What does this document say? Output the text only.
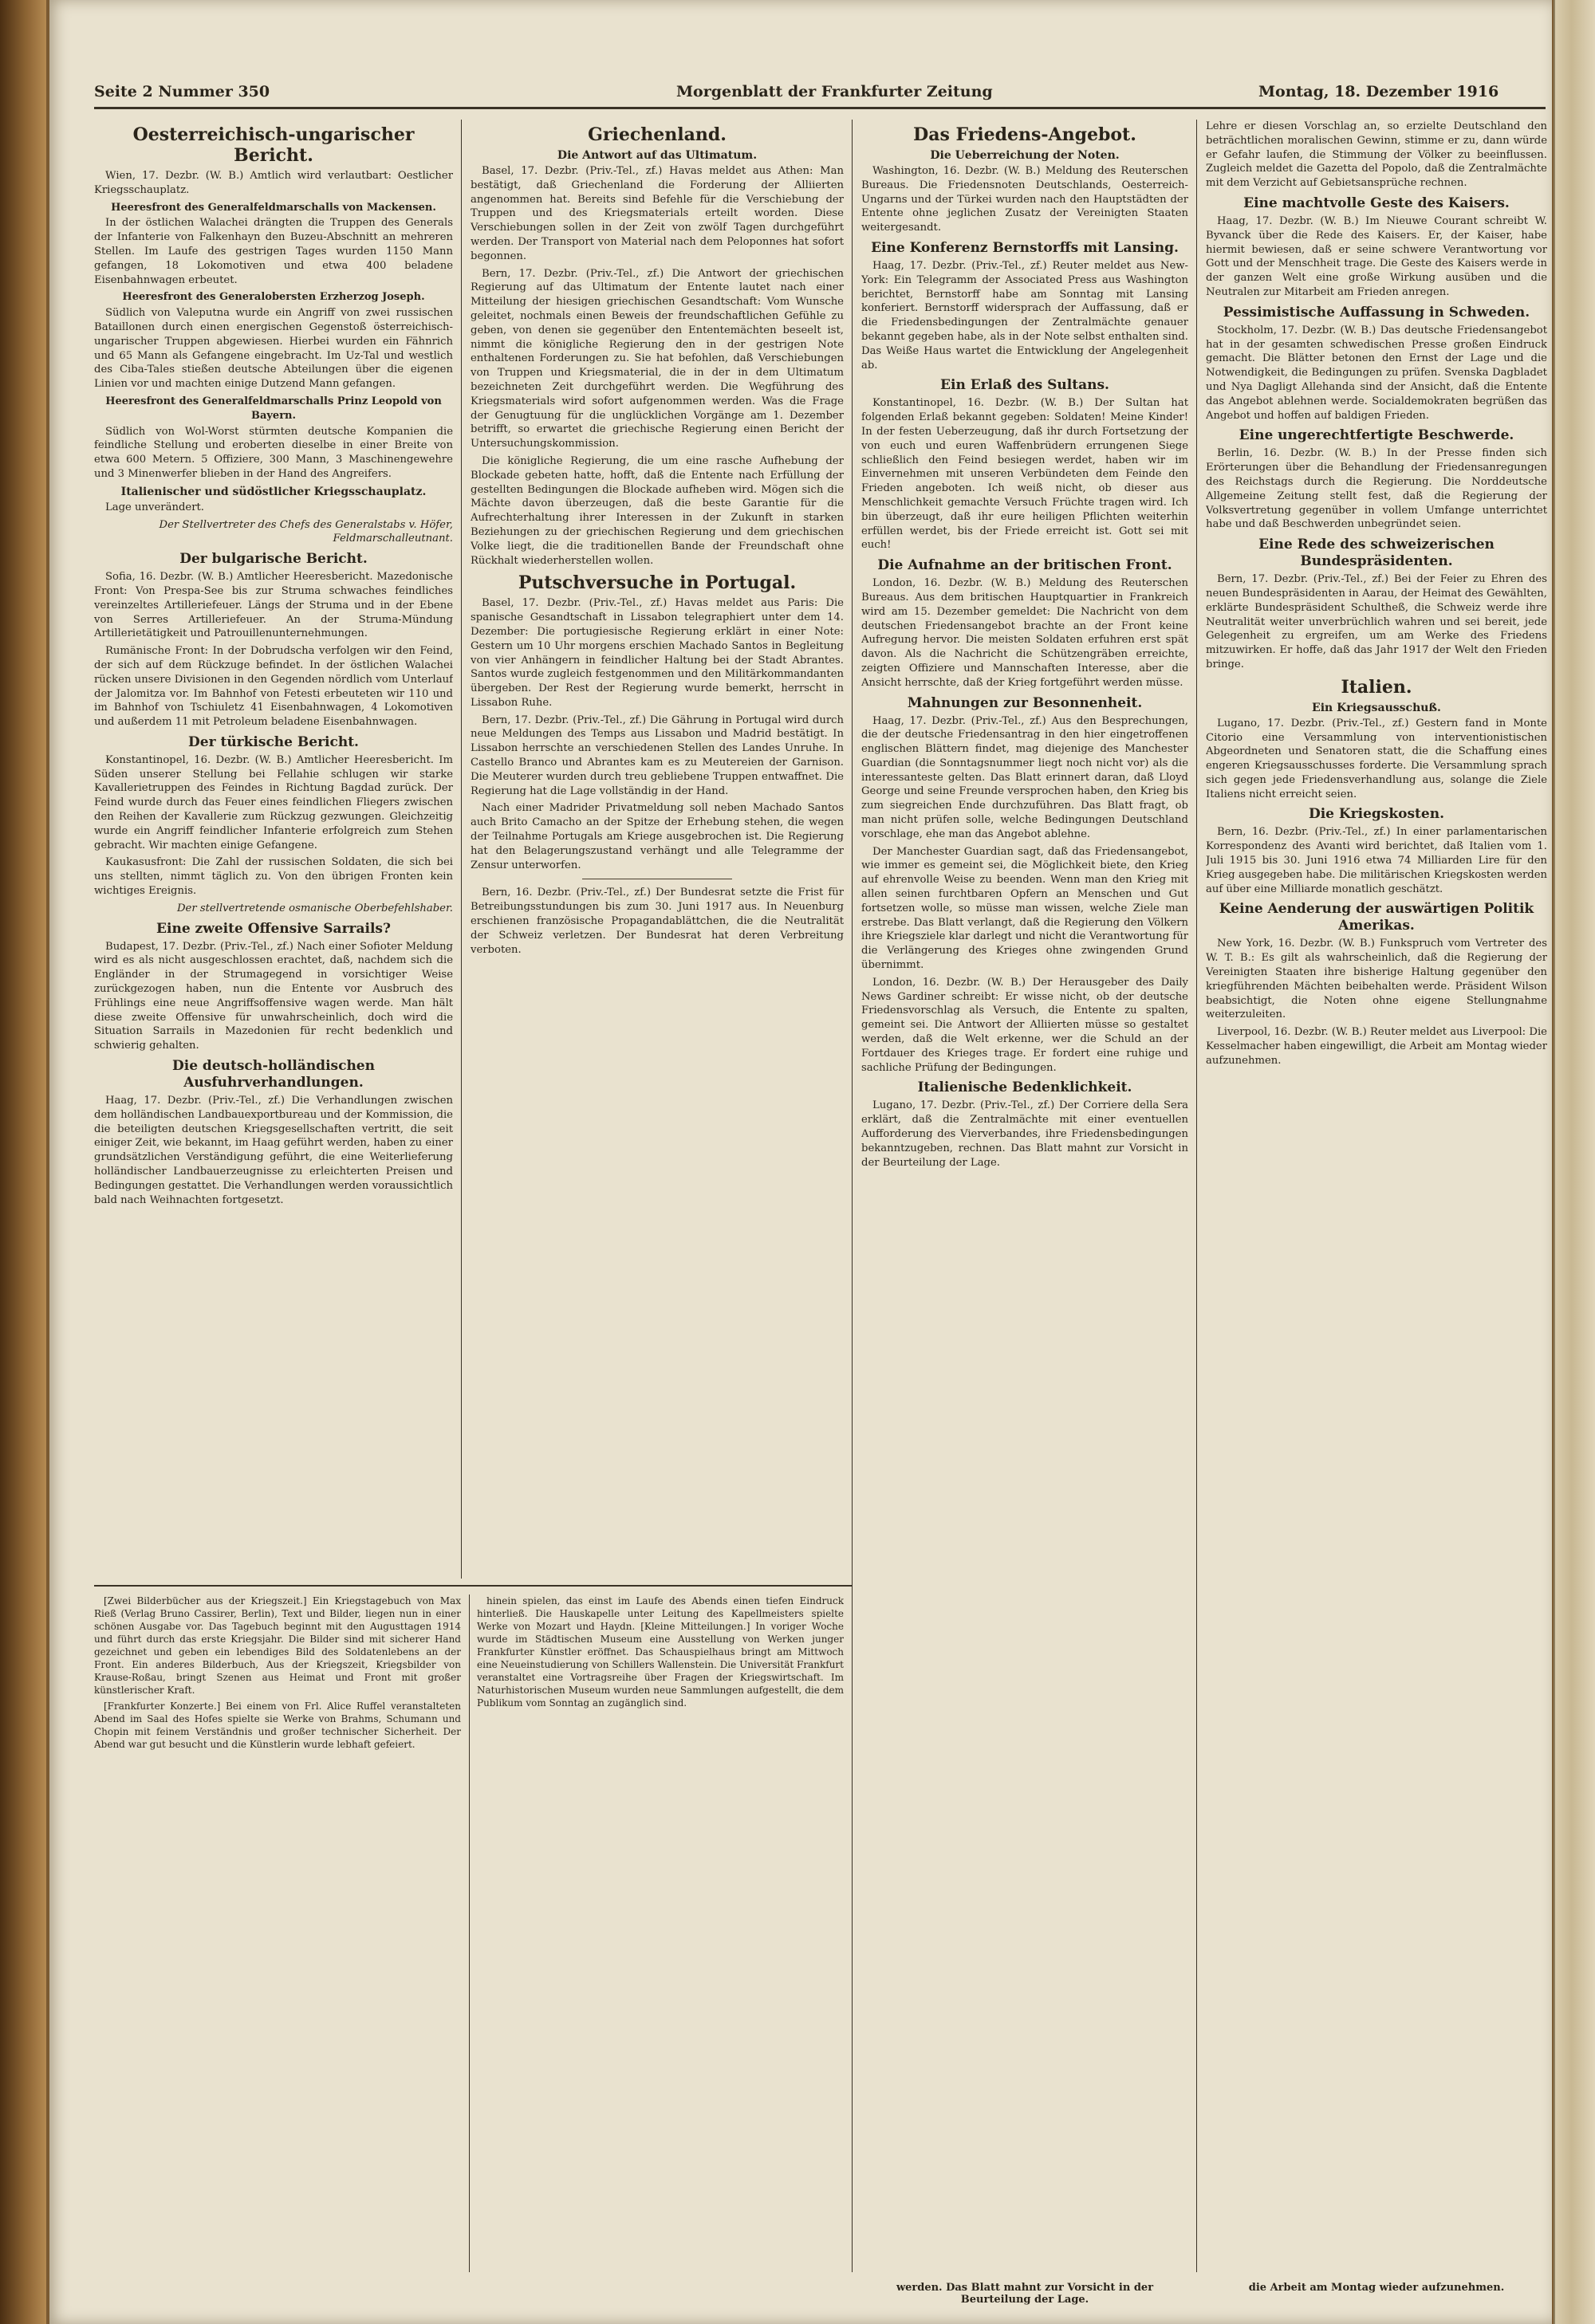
Seite 2 Nummer 350	Morgenblatt der Frankfurter Zeitung	Montag, 18. Dezember 1916
Oesterreichisch-ungarischer Bericht.

Wien, 17. Dezbr. (W. B.) Amtlich wird verlautbart: Oestlicher Kriegsschauplatz.

Heeresfront des Generalfeldmarschalls von Mackensen.

In der östlichen Walachei drängten die Truppen des Generals der Infanterie von Falkenhayn den Buzeu-Abschnitt an mehreren Stellen. Im Laufe des gestrigen Tages wurden 1150 Mann gefangen, 18 Lokomotiven und etwa 400 beladene Eisenbahnwagen erbeutet.

Heeresfront des Generalobersten Erzherzog Joseph.

Südlich von Valeputna wurde ein Angriff von zwei russischen Bataillonen durch einen energischen Gegenstoß österreichisch-ungarischer Truppen abgewiesen. Hierbei wurden ein Fähnrich und 65 Mann als Gefangene eingebracht. Im Uz-Tal und westlich des Ciba-Tales stießen deutsche Abteilungen über die eigenen Linien vor und machten einige Dutzend Mann gefangen.

Heeresfront des Generalfeldmarschalls Prinz Leopold von Bayern.

Südlich von Wol-Worst stürmten deutsche Kompanien die feindliche Stellung und eroberten dieselbe in einer Breite von etwa 600 Metern. 5 Offiziere, 300 Mann, 3 Maschinengewehre und 3 Minenwerfer blieben in der Hand des Angreifers.

Italienischer und südöstlicher Kriegsschauplatz.

Lage unverändert.

Der Stellvertreter des Chefs des Generalstabs v. Höfer, Feldmarschalleutnant.
Der bulgarische Bericht.

Sofia, 16. Dezbr. (W. B.) Amtlicher Heeresbericht. Mazedonische Front: Von Prespa-See bis zur Struma schwaches feindliches vereinzeltes Artilleriefeuer. Längs der Struma und in der Ebene von Serres Artilleriefeuer. An der Struma-Mündung Artillerietätigkeit und Patrouillenunternehmungen.

Rumänische Front: In der Dobrudscha verfolgen wir den Feind, der sich auf dem Rückzuge befindet. In der östlichen Walachei rücken unsere Divisionen in den Gegenden nördlich vom Unterlauf der Jalomitza vor. Im Bahnhof von Fetesti erbeuteten wir 110 und im Bahnhof von Tschiuletz 41 Eisenbahnwagen, 4 Lokomotiven und außerdem 11 mit Petroleum beladene Eisenbahnwagen.

Der türkische Bericht.

Konstantinopel, 16. Dezbr. (W. B.) Amtlicher Heeresbericht. Im Süden unserer Stellung bei Fellahie schlugen wir starke Kavallerietruppen des Feindes in Richtung Bagdad zurück. Der Feind wurde durch das Feuer eines feindlichen Fliegers zwischen den Reihen der Kavallerie zum Rückzug gezwungen. Gleichzeitig wurde ein Angriff feindlicher Infanterie erfolgreich zum Stehen gebracht. Wir machten einige Gefangene.

Kaukasusfront: Die Zahl der russischen Soldaten, die sich bei uns stellten, nimmt täglich zu. Von den übrigen Fronten kein wichtiges Ereignis.

Der stellvertretende osmanische Oberbefehlshaber.
Eine zweite Offensive Sarrails?

Budapest, 17. Dezbr. (Priv.-Tel., zf.) Nach einer Sofioter Meldung wird es als nicht ausgeschlossen erachtet, daß, nachdem sich die Engländer in der Strumagegend in vorsichtiger Weise zurückgezogen haben, nun die Entente vor Ausbruch des Frühlings eine neue Angriffsoffensive wagen werde. Man hält diese zweite Offensive für unwahrscheinlich, doch wird die Situation Sarrails in Mazedonien für recht bedenklich und schwierig gehalten.

Die deutsch-holländischen Ausfuhrverhandlungen.

Haag, 17. Dezbr. (Priv.-Tel., zf.) Die Verhandlungen zwischen dem holländischen Landbauexportbureau und der Kommission, die die beteiligten deutschen Kriegsgesellschaften vertritt, die seit einiger Zeit, wie bekannt, im Haag geführt werden, haben zu einer grundsätzlichen Verständigung geführt, die eine Weiterlieferung holländischer Landbauerzeugnisse zu erleichterten Preisen und Bedingungen gestattet. Die Verhandlungen werden voraussichtlich bald nach Weihnachten fortgesetzt.

Griechenland.
Die Antwort auf das Ultimatum.

Basel, 17. Dezbr. (Priv.-Tel., zf.) Havas meldet aus Athen: Man bestätigt, daß Griechenland die Forderung der Alliierten angenommen hat. Bereits sind Befehle für die Verschiebung der Truppen und des Kriegsmaterials erteilt worden. Diese Verschiebungen sollen in der Zeit von zwölf Tagen durchgeführt werden. Der Transport von Material nach dem Peloponnes hat sofort begonnen.

Bern, 17. Dezbr. (Priv.-Tel., zf.) Die Antwort der griechischen Regierung auf das Ultimatum der Entente lautet nach einer Mitteilung der hiesigen griechischen Gesandtschaft: Vom Wunsche geleitet, nochmals einen Beweis der freundschaftlichen Gefühle zu geben, von denen sie gegenüber den Ententemächten beseelt ist, nimmt die königliche Regierung den in der gestrigen Note enthaltenen Forderungen zu. Sie hat befohlen, daß Verschiebungen von Truppen und Kriegsmaterial, die in der in dem Ultimatum bezeichneten Zeit durchgeführt werden. Die Wegführung des Kriegsmaterials wird sofort aufgenommen werden. Was die Frage der Genugtuung für die unglücklichen Vorgänge am 1. Dezember betrifft, so erwartet die griechische Regierung einen Bericht der Untersuchungskommission.

Die königliche Regierung, die um eine rasche Aufhebung der Blockade gebeten hatte, hofft, daß die Entente nach Erfüllung der gestellten Bedingungen die Blockade aufheben wird. Mögen sich die Mächte davon überzeugen, daß die beste Garantie für die Aufrechterhaltung ihrer Interessen in der Zukunft in starken Beziehungen zu der griechischen Regierung und dem griechischen Volke liegt, die die traditionellen Bande der Freundschaft ohne Rückhalt wiederherstellen wollen.

Putschversuche in Portugal.

Basel, 17. Dezbr. (Priv.-Tel., zf.) Havas meldet aus Paris: Die spanische Gesandtschaft in Lissabon telegraphiert unter dem 14. Dezember: Die portugiesische Regierung erklärt in einer Note: Gestern um 10 Uhr morgens erschien Machado Santos in Begleitung von vier Anhängern in feindlicher Haltung bei der Stadt Abrantes. Santos wurde zugleich festgenommen und den Militärkommandanten übergeben. Der Rest der Regierung wurde bemerkt, herrscht in Lissabon Ruhe.

Bern, 17. Dezbr. (Priv.-Tel., zf.) Die Gährung in Portugal wird durch neue Meldungen des Temps aus Lissabon und Madrid bestätigt. In Lissabon herrschte an verschiedenen Stellen des Landes Unruhe. In Castello Branco und Abrantes kam es zu Meutereien der Garnison. Die Meuterer wurden durch treu gebliebene Truppen entwaffnet. Die Regierung hat die Lage vollständig in der Hand.

Nach einer Madrider Privatmeldung soll neben Machado Santos auch Brito Camacho an der Spitze der Erhebung stehen, die wegen der Teilnahme Portugals am Kriege ausgebrochen ist. Die Regierung hat den Belagerungszustand verhängt und alle Telegramme der Zensur unterworfen.

Bern, 16. Dezbr. (Priv.-Tel., zf.) Der Bundesrat setzte die Frist für Betreibungsstundungen bis zum 30. Juni 1917 aus. In Neuenburg erschienen französische Propagandablättchen, die die Neutralität der Schweiz verletzen. Der Bundesrat hat deren Verbreitung verboten.

Das Friedens-Angebot.
Die Ueberreichung der Noten.

Washington, 16. Dezbr. (W. B.) Meldung des Reuterschen Bureaus. Die Friedensnoten Deutschlands, Oesterreich-Ungarns und der Türkei wurden nach den Hauptstädten der Entente ohne jeglichen Zusatz der Vereinigten Staaten weitergesandt.

Eine Konferenz Bernstorffs mit Lansing.

Haag, 17. Dezbr. (Priv.-Tel., zf.) Reuter meldet aus New-York: Ein Telegramm der Associated Press aus Washington berichtet, Bernstorff habe am Sonntag mit Lansing konferiert. Bernstorff widersprach der Auffassung, daß er die Friedensbedingungen der Zentralmächte genauer bekannt gegeben habe, als in der Note selbst enthalten sind. Das Weiße Haus wartet die Entwicklung der Angelegenheit ab.

Ein Erlaß des Sultans.

Konstantinopel, 16. Dezbr. (W. B.) Der Sultan hat folgenden Erlaß bekannt gegeben: Soldaten! Meine Kinder! In der festen Ueberzeugung, daß ihr durch Fortsetzung der von euch und euren Waffenbrüdern errungenen Siege schließlich den Feind besiegen werdet, haben wir im Einvernehmen mit unseren Verbündeten dem Feinde den Frieden angeboten. Ich weiß nicht, ob dieser aus Menschlichkeit gemachte Versuch Früchte tragen wird. Ich bin überzeugt, daß ihr eure heiligen Pflichten weiterhin erfüllen werdet, bis der Friede erreicht ist. Gott sei mit euch!

Die Aufnahme an der britischen Front.

London, 16. Dezbr. (W. B.) Meldung des Reuterschen Bureaus. Aus dem britischen Hauptquartier in Frankreich wird am 15. Dezember gemeldet: Die Nachricht von dem deutschen Friedensangebot brachte an der Front keine Aufregung hervor. Die meisten Soldaten erfuhren erst spät davon. Als die Nachricht die Schützengräben erreichte, zeigten Offiziere und Mannschaften Interesse, aber die Ansicht herrschte, daß der Krieg fortgeführt werden müsse.

Mahnungen zur Besonnenheit.

Haag, 17. Dezbr. (Priv.-Tel., zf.) Aus den Besprechungen, die der deutsche Friedensantrag in den hier eingetroffenen englischen Blättern findet, mag diejenige des Manchester Guardian (die Sonntagsnummer liegt noch nicht vor) als die interessanteste gelten. Das Blatt erinnert daran, daß Lloyd George und seine Freunde versprochen haben, den Krieg bis zum siegreichen Ende durchzuführen. Das Blatt fragt, ob man nicht prüfen solle, welche Bedingungen Deutschland vorschlage, ehe man das Angebot ablehne.

Der Manchester Guardian sagt, daß das Friedensangebot, wie immer es gemeint sei, die Möglichkeit biete, den Krieg auf ehrenvolle Weise zu beenden. Wenn man den Krieg mit allen seinen furchtbaren Opfern an Menschen und Gut fortsetzen wolle, so müsse man wissen, welche Ziele man erstrebe. Das Blatt verlangt, daß die Regierung den Völkern ihre Kriegsziele klar darlegt und nicht die Verantwortung für die Verlängerung des Krieges ohne zwingenden Grund übernimmt.

London, 16. Dezbr. (W. B.) Der Herausgeber des Daily News Gardiner schreibt: Er wisse nicht, ob der deutsche Friedensvorschlag als Versuch, die Entente zu spalten, gemeint sei. Die Antwort der Alliierten müsse so gestaltet werden, daß die Welt erkenne, wer die Schuld an der Fortdauer des Krieges trage. Er fordert eine ruhige und sachliche Prüfung der Bedingungen.

Italienische Bedenklichkeit.

Lugano, 17. Dezbr. (Priv.-Tel., zf.) Der Corriere della Sera erklärt, daß die Zentralmächte mit einer eventuellen Aufforderung des Vierverbandes, ihre Friedensbedingungen bekanntzugeben, rechnen. Das Blatt mahnt zur Vorsicht in der Beurteilung der Lage.

Lehre er diesen Vorschlag an, so erzielte Deutschland den beträchtlichen moralischen Gewinn, stimme er zu, dann würde er Gefahr laufen, die Stimmung der Völker zu beeinflussen. Zugleich meldet die Gazetta del Popolo, daß die Zentralmächte mit dem Verzicht auf Gebietsansprüche rechnen.

Eine machtvolle Geste des Kaisers.

Haag, 17. Dezbr. (W. B.) Im Nieuwe Courant schreibt W. Byvanck über die Rede des Kaisers. Er, der Kaiser, habe hiermit bewiesen, daß er seine schwere Verantwortung vor Gott und der Menschheit trage. Die Geste des Kaisers werde in der ganzen Welt eine große Wirkung ausüben und die Neutralen zur Mitarbeit am Frieden anregen.

Pessimistische Auffassung in Schweden.

Stockholm, 17. Dezbr. (W. B.) Das deutsche Friedensangebot hat in der gesamten schwedischen Presse großen Eindruck gemacht. Die Blätter betonen den Ernst der Lage und die Notwendigkeit, die Bedingungen zu prüfen. Svenska Dagbladet und Nya Dagligt Allehanda sind der Ansicht, daß die Entente das Angebot ablehnen werde. Socialdemokraten begrüßen das Angebot und hoffen auf baldigen Frieden.

Eine ungerechtfertigte Beschwerde.

Berlin, 16. Dezbr. (W. B.) In der Presse finden sich Erörterungen über die Behandlung der Friedensanregungen des Reichstags durch die Regierung. Die Norddeutsche Allgemeine Zeitung stellt fest, daß die Regierung der Volksvertretung gegenüber in vollem Umfange unterrichtet habe und daß Beschwerden unbegründet seien.

Eine Rede des schweizerischen Bundespräsidenten.

Bern, 17. Dezbr. (Priv.-Tel., zf.) Bei der Feier zu Ehren des neuen Bundespräsidenten in Aarau, der Heimat des Gewählten, erklärte Bundespräsident Schultheß, die Schweiz werde ihre Neutralität weiter unverbrüchlich wahren und sei bereit, jede Gelegenheit zu ergreifen, um am Werke des Friedens mitzuwirken. Er hoffe, daß das Jahr 1917 der Welt den Frieden bringe.

Italien.
Ein Kriegsausschuß.

Lugano, 17. Dezbr. (Priv.-Tel., zf.) Gestern fand in Monte Citorio eine Versammlung von interventionistischen Abgeordneten und Senatoren statt, die die Schaffung eines engeren Kriegsausschusses forderte. Die Versammlung sprach sich gegen jede Friedensverhandlung aus, solange die Ziele Italiens nicht erreicht seien.

Die Kriegskosten.

Bern, 16. Dezbr. (Priv.-Tel., zf.) In einer parlamentarischen Korrespondenz des Avanti wird berichtet, daß Italien vom 1. Juli 1915 bis 30. Juni 1916 etwa 74 Milliarden Lire für den Krieg ausgegeben habe. Die militärischen Kriegskosten werden auf über eine Milliarde monatlich geschätzt.

Keine Aenderung der auswärtigen Politik Amerikas.

New York, 16. Dezbr. (W. B.) Funkspruch vom Vertreter des W. T. B.: Es gilt als wahrscheinlich, daß die Regierung der Vereinigten Staaten ihre bisherige Haltung gegenüber den kriegführenden Mächten beibehalten werde. Präsident Wilson beabsichtigt, die Noten ohne eigene Stellungnahme weiterzuleiten.

Liverpool, 16. Dezbr. (W. B.) Reuter meldet aus Liverpool: Die Kesselmacher haben eingewilligt, die Arbeit am Montag wieder aufzunehmen.

[Zwei Bilderbücher aus der Kriegszeit.] Ein Kriegstagebuch von Max Rieß (Verlag Bruno Cassirer, Berlin), Text und Bilder, liegen nun in einer schönen Ausgabe vor. Das Tagebuch beginnt mit den Augusttagen 1914 und führt durch das erste Kriegsjahr. Die Bilder sind mit sicherer Hand gezeichnet und geben ein lebendiges Bild des Soldatenlebens an der Front. Ein anderes Bilderbuch, Aus der Kriegszeit, Kriegsbilder von Krause-Roßau, bringt Szenen aus Heimat und Front mit großer künstlerischer Kraft.

[Frankfurter Konzerte.] Bei einem von Frl. Alice Ruffel veranstalteten Abend im Saal des Hofes spielte sie Werke von Brahms, Schumann und Chopin mit feinem Verständnis und großer technischer Sicherheit. Der Abend war gut besucht und die Künstlerin wurde lebhaft gefeiert.

hinein spielen, das einst im Laufe des Abends einen tiefen Eindruck hinterließ. Die Hauskapelle unter Leitung des Kapellmeisters spielte Werke von Mozart und Haydn. [Kleine Mitteilungen.] In voriger Woche wurde im Städtischen Museum eine Ausstellung von Werken junger Frankfurter Künstler eröffnet. Das Schauspielhaus bringt am Mittwoch eine Neueinstudierung von Schillers Wallenstein. Die Universität Frankfurt veranstaltet eine Vortragsreihe über Fragen der Kriegswirtschaft. Im Naturhistorischen Museum wurden neue Sammlungen aufgestellt, die dem Publikum vom Sonntag an zugänglich sind.

werden. Das Blatt mahnt zur Vorsicht in der Beurteilung der Lage.
die Arbeit am Montag wieder aufzunehmen.
